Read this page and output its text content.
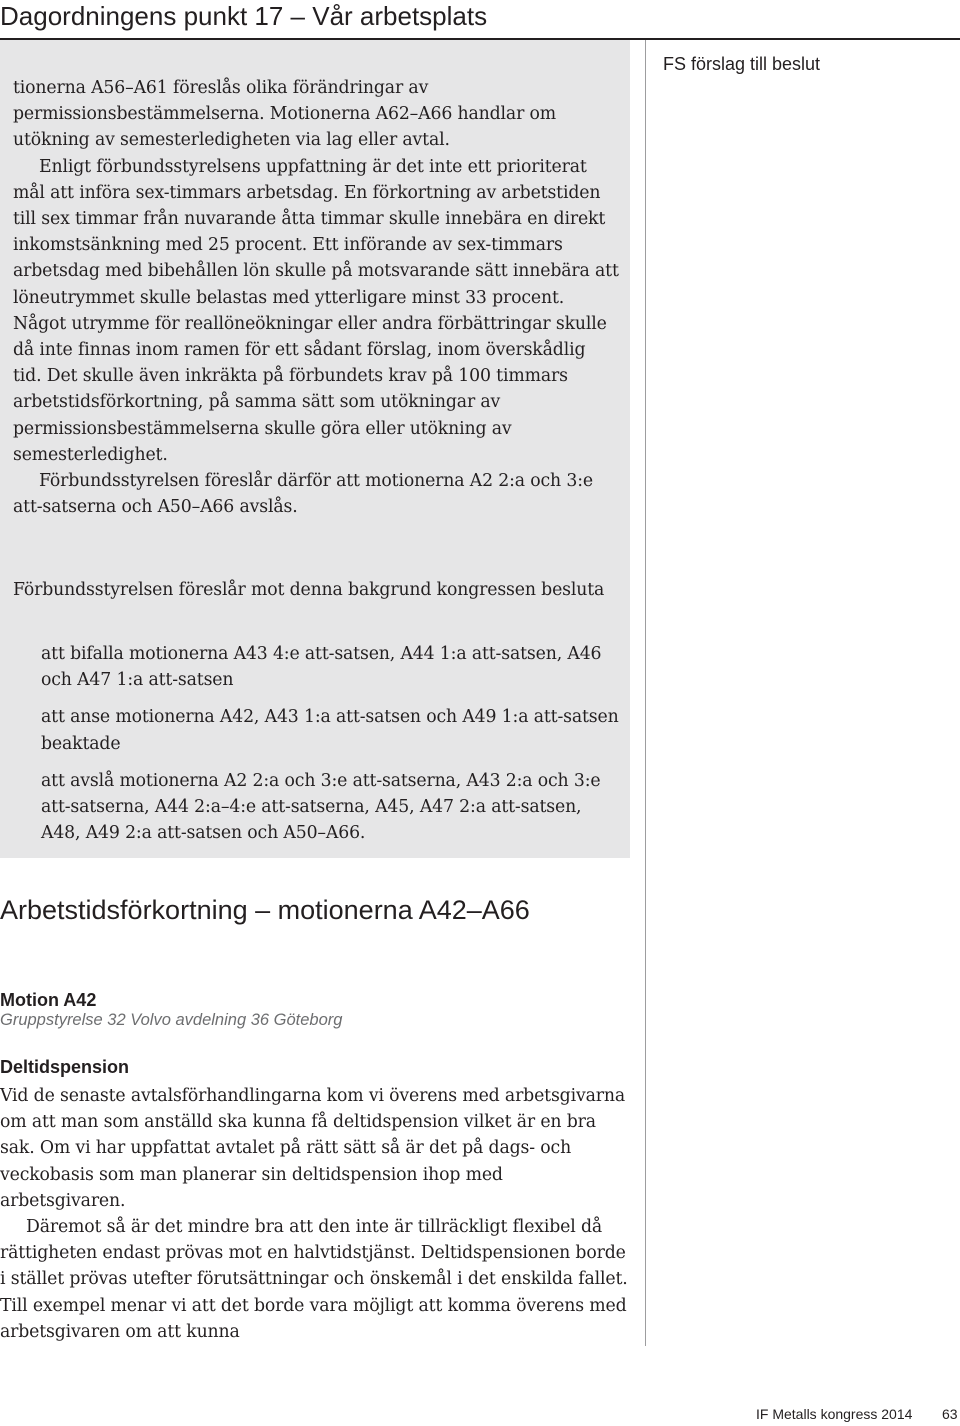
Dagordningens punkt 17 – Vår arbetsplats
FS förslag till beslut

tionerna A56–A61 föreslås olika förändringar av permissionsbestämmelserna. Motionerna A62–A66 handlar om utökning av semesterledigheten via lag eller avtal.

Enligt förbundsstyrelsens uppfattning är det inte ett prioriterat mål att införa sex-timmars arbetsdag. En förkortning av arbetstiden till sex timmar från nuvarande åtta timmar skulle innebära en direkt inkomstsänkning med 25 procent. Ett införande av sex-timmars arbetsdag med bibehållen lön skulle på motsvarande sätt innebära att löneutrymmet skulle belastas med ytterligare minst 33 procent. Något utrymme för reallöneökningar eller andra förbättringar skulle då inte finnas inom ramen för ett sådant förslag, inom överskådlig tid. Det skulle även inkräkta på förbundets krav på 100 timmars arbetstidsförkortning, på samma sätt som utökningar av permissionsbestämmelserna skulle göra eller utökning av semesterledighet.

Förbundsstyrelsen föreslår därför att motionerna A2 2:a och 3:e att-satserna och A50–A66 avslås.

Förbundsstyrelsen föreslår mot denna bakgrund kongressen besluta

att bifalla motionerna A43 4:e att-satsen, A44 1:a att-satsen, A46 och A47 1:a att-satsen
att anse motionerna A42, A43 1:a att-satsen och A49 1:a att-satsen beaktade
att avslå motionerna A2 2:a och 3:e att-satserna, A43 2:a och 3:e att-satserna, A44 2:a–4:e att-satserna, A45, A47 2:a att-satsen, A48, A49 2:a att-satsen och A50–A66.
Arbetstidsförkortning – motionerna A42–A66
Motion A42
Gruppstyrelse 32 Volvo avdelning 36 Göteborg
Deltidspension

Vid de senaste avtalsförhandlingarna kom vi överens med arbetsgivarna om att man som anställd ska kunna få deltidspension vilket är en bra sak. Om vi har uppfattat avtalet på rätt sätt så är det på dags- och veckobasis som man planerar sin deltidspension ihop med arbetsgivaren.

Däremot så är det mindre bra att den inte är tillräckligt flexibel då rättigheten endast prövas mot en halvtidstjänst. Deltidspensionen borde i stället prövas utefter förutsättningar och önskemål i det enskilda fallet. Till exempel menar vi att det borde vara möjligt att komma överens med arbetsgivaren om att kunna

IF Metalls kongress 2014 63
